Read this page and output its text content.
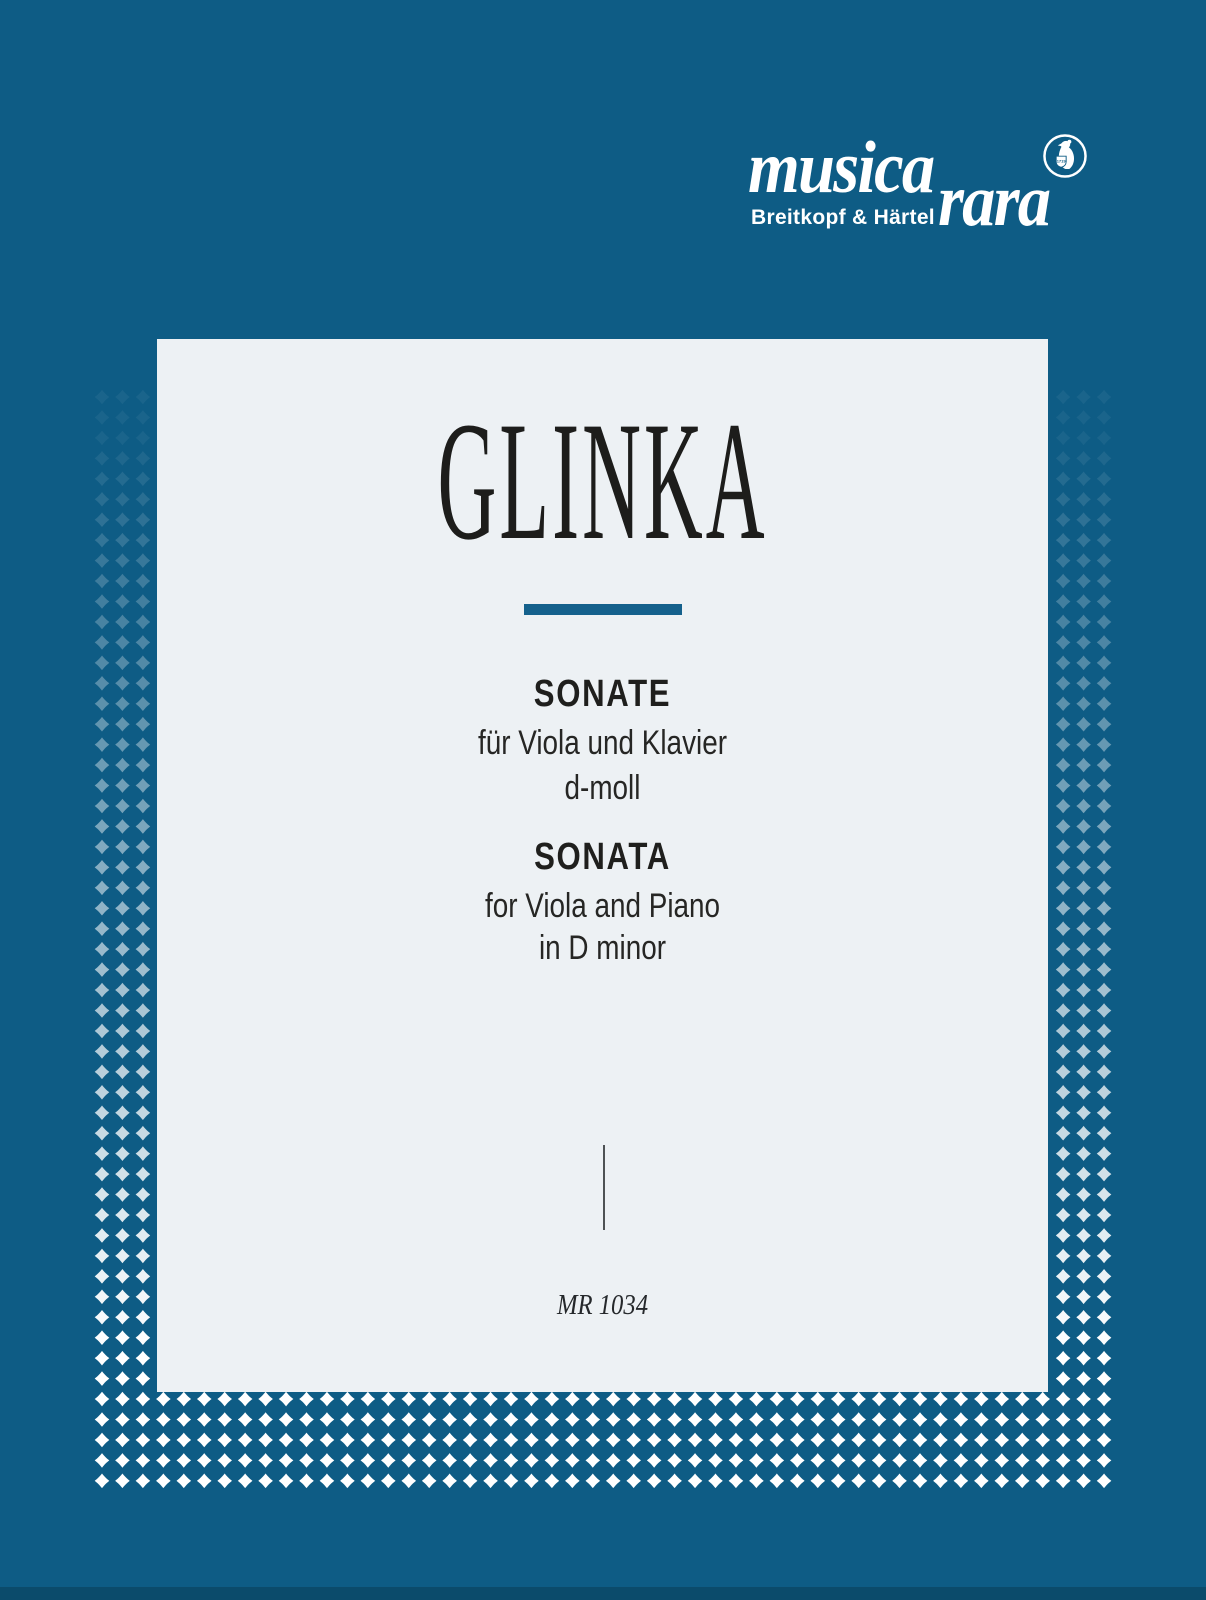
musica rara
Breitkopf & Härtel
1719
GLINKA
SONATE

für Viola und Klavier

d-moll

SONATA

for Viola and Piano

in D minor

MR 1034
